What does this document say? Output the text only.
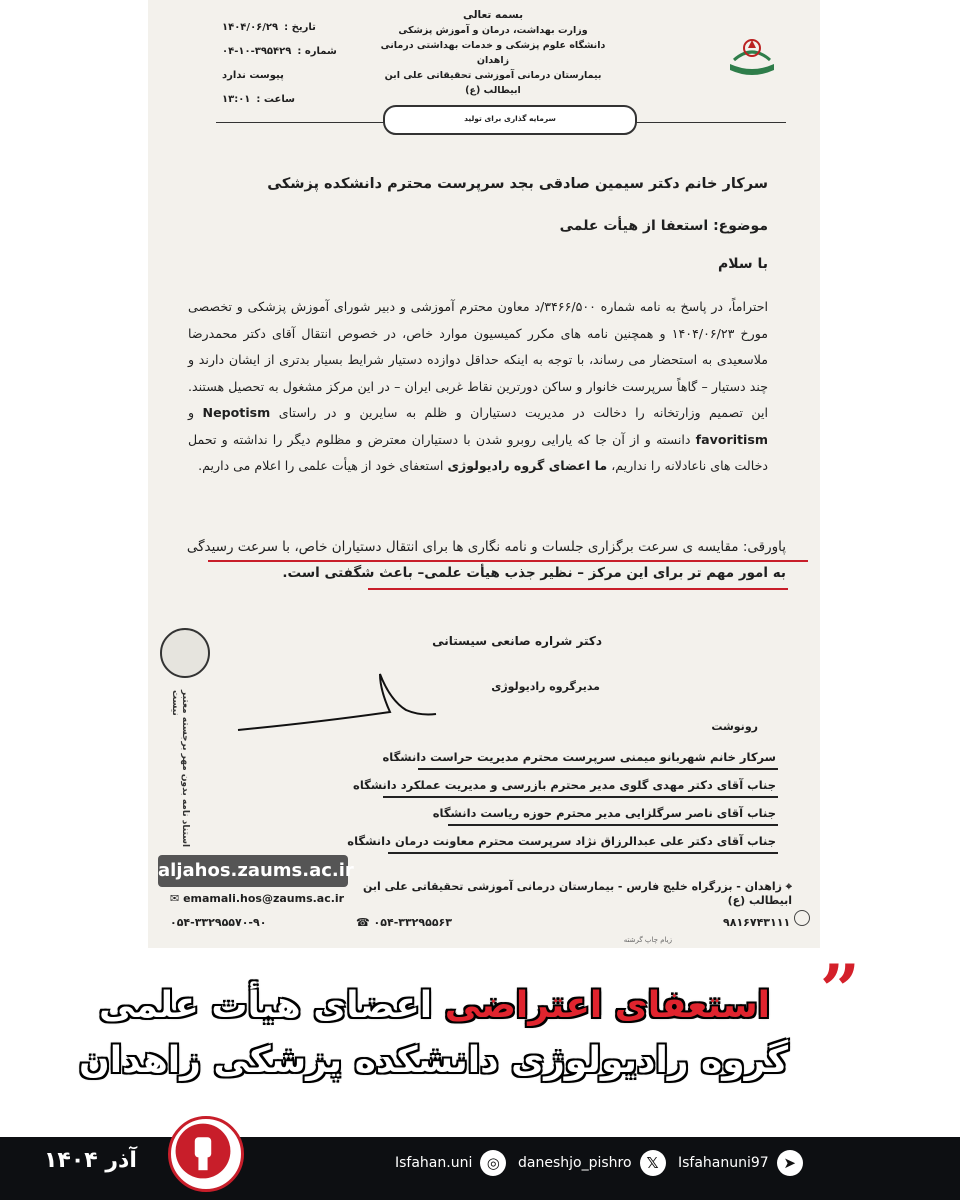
بسمه تعالی
وزارت بهداشت، درمان و آموزش پزشکی
دانشگاه علوم پزشکی و خدمات بهداشتی درمانی زاهدان
بیمارستان درمانی آموزشی تحقیقاتی علی ابن ابیطالب (ع)
تاریخ :
۱۴۰۴/۰۶/۲۹
شماره :
۰۴-۱۰-۳۹۵۴۲۹
پیوست ندارد
ساعت :
۱۳:۰۱
سرمایه گذاری برای تولید
سرکار خانم دکتر سیمین صادقی بجد سرپرست محترم دانشکده پزشکی
موضوع: استعفا از هیأت علمی
با سلام
احتراماً، در پاسخ به نامه شماره ۳۴۶۶/۵۰۰/د معاون محترم آموزشی و دبیر شورای آموزش پزشکی و تخصصی مورخ ۱۴۰۴/۰۶/۲۳ و همچنین نامه های مکرر کمیسیون موارد خاص، در خصوص انتقال آقای دکتر محمدرضا ملاسعیدی به استحضار می رساند، با توجه به اینکه حداقل دوازده دستیار شرایط بسیار بدتری از ایشان دارند و چند دستیار – گاهاً سرپرست خانوار و ساکن دورترین نقاط غربی ایران – در این مرکز مشغول به تحصیل هستند. این تصمیم وزارتخانه را دخالت در مدیریت دستیاران و ظلم به سایرین و در راستای Nepotism و favoritism دانسته و از آن جا که یارایی روبرو شدن با دستیاران معترض و مظلوم دیگر را نداشته و تحمل دخالت های ناعادلانه را نداریم، ما اعضای گروه رادیولوژی استعفای خود از هیأت علمی را اعلام می داریم.
پاورقی: مقایسه ی سرعت برگزاری جلسات و نامه نگاری ها برای انتقال دستیاران خاص، با سرعت رسیدگی
به امور مهم تر برای این مرکز – نظیر جذب هیأت علمی– باعث شگفتی است.
دکتر شراره صانعی سیستانی
مدیرگروه رادیولوژی
استناد نامه بدون مهر برجسته معتبر نیست
رونوشت
سرکار خانم شهربانو میمنی سرپرست محترم مدیریت حراست دانشگاه
جناب آقای دکتر مهدی گلوی مدیر محترم بازرسی و مدیریت عملکرد دانشگاه
جناب آقای ناصر سرگلزایی مدیر محترم حوزه ریاست دانشگاه
جناب آقای دکتر علی عبدالرزاق نژاد سرپرست محترم معاونت درمان دانشگاه
aljahos.zaums.ac.ir
✉ emamali.hos@zaums.ac.ir
۰۵۴-۳۳۲۹۵۵۷۰-۹۰
⌖ زاهدان - بزرگراه خلیج فارس - بیمارستان درمانی آموزشی تحقیقاتی علی ابن ابیطالب (ع)
☎ ۰۵۴-۳۳۲۹۵۵۶۳	۹۸۱۶۷۴۳۱۱۱
زیام چاپ گرشته
”
استعفای اعتراضی اعضای هیأت علمی
گروه رادیولوژی دانشکده پزشکی زاهدان
آذر ۱۴۰۴	Isfahan.uni ◎	daneshjo_pishro 𝕏	Isfahanuni97 ➤
